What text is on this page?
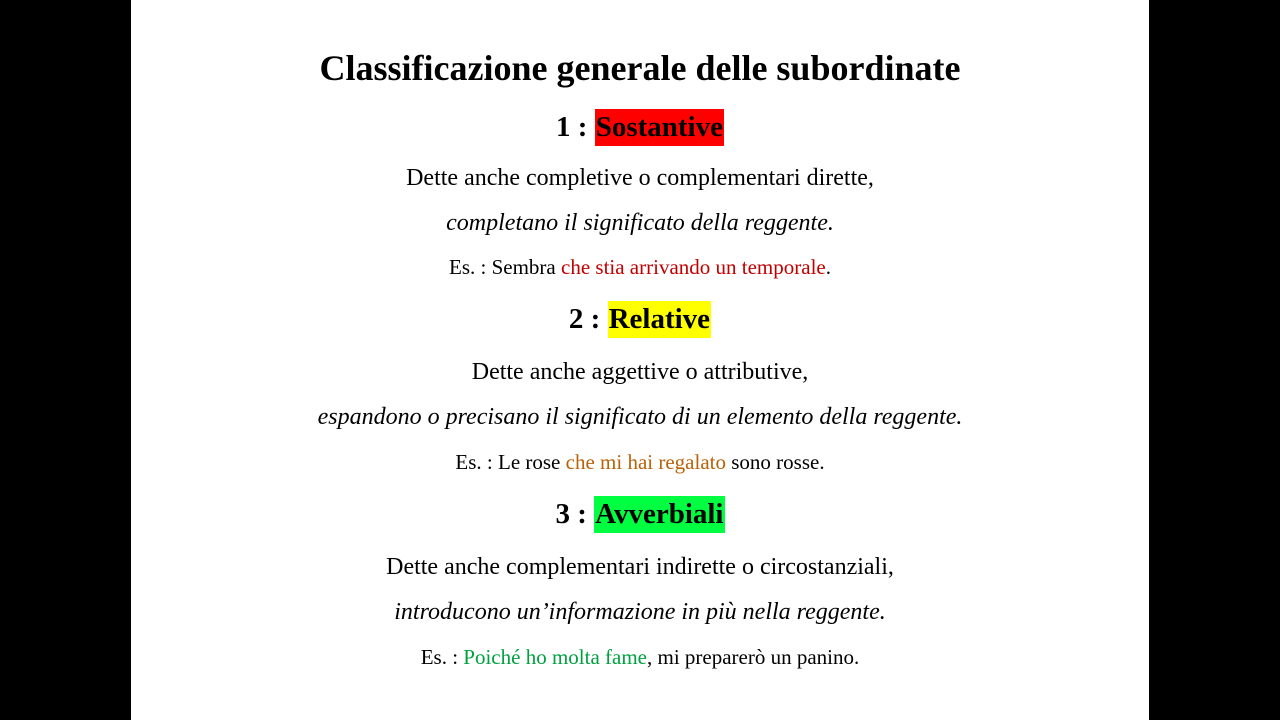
Classificazione generale delle subordinate
1 : Sostantive
Dette anche completive o complementari dirette,
completano il significato della reggente.
Es. : Sembra che stia arrivando un temporale.
2 : Relative
Dette anche aggettive o attributive,
espandono o precisano il significato di un elemento della reggente.
Es. : Le rose che mi hai regalato sono rosse.
3 : Avverbiali
Dette anche complementari indirette o circostanziali,
introducono un’informazione in più nella reggente.
Es. : Poiché ho molta fame, mi preparerò un panino.
